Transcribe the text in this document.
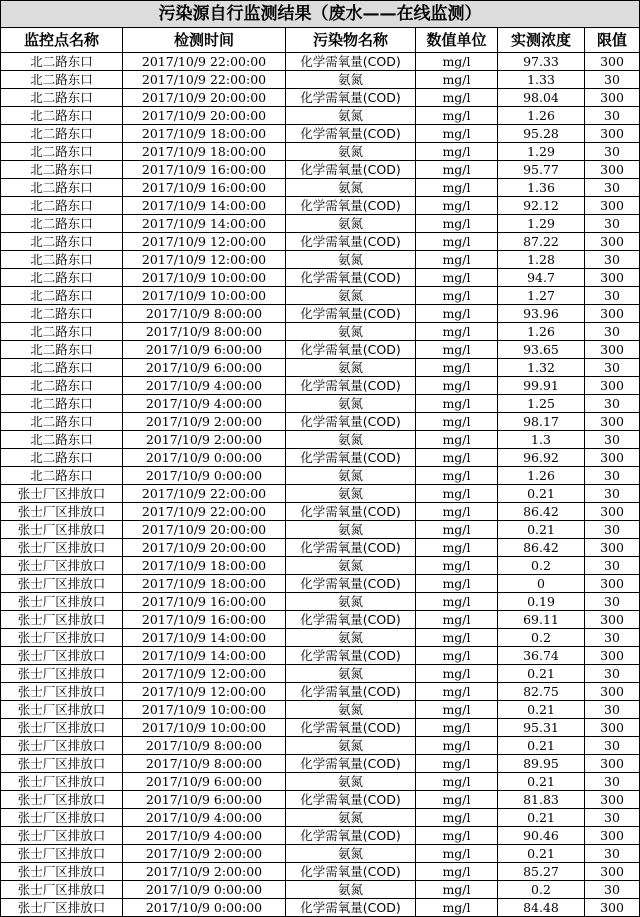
污染源自行监测结果（废水——在线监测）					
监控点名称	检测时间	污染物名称	数值单位	实测浓度	限值
北二路东口	2017/10/9 22:00:00	化学需氧量(COD)	mg/l	97.33	300
北二路东口	2017/10/9 22:00:00	氨氮	mg/l	1.33	30
北二路东口	2017/10/9 20:00:00	化学需氧量(COD)	mg/l	98.04	300
北二路东口	2017/10/9 20:00:00	氨氮	mg/l	1.26	30
北二路东口	2017/10/9 18:00:00	化学需氧量(COD)	mg/l	95.28	300
北二路东口	2017/10/9 18:00:00	氨氮	mg/l	1.29	30
北二路东口	2017/10/9 16:00:00	化学需氧量(COD)	mg/l	95.77	300
北二路东口	2017/10/9 16:00:00	氨氮	mg/l	1.36	30
北二路东口	2017/10/9 14:00:00	化学需氧量(COD)	mg/l	92.12	300
北二路东口	2017/10/9 14:00:00	氨氮	mg/l	1.29	30
北二路东口	2017/10/9 12:00:00	化学需氧量(COD)	mg/l	87.22	300
北二路东口	2017/10/9 12:00:00	氨氮	mg/l	1.28	30
北二路东口	2017/10/9 10:00:00	化学需氧量(COD)	mg/l	94.7	300
北二路东口	2017/10/9 10:00:00	氨氮	mg/l	1.27	30
北二路东口	2017/10/9 8:00:00	化学需氧量(COD)	mg/l	93.96	300
北二路东口	2017/10/9 8:00:00	氨氮	mg/l	1.26	30
北二路东口	2017/10/9 6:00:00	化学需氧量(COD)	mg/l	93.65	300
北二路东口	2017/10/9 6:00:00	氨氮	mg/l	1.32	30
北二路东口	2017/10/9 4:00:00	化学需氧量(COD)	mg/l	99.91	300
北二路东口	2017/10/9 4:00:00	氨氮	mg/l	1.25	30
北二路东口	2017/10/9 2:00:00	化学需氧量(COD)	mg/l	98.17	300
北二路东口	2017/10/9 2:00:00	氨氮	mg/l	1.3	30
北二路东口	2017/10/9 0:00:00	化学需氧量(COD)	mg/l	96.92	300
北二路东口	2017/10/9 0:00:00	氨氮	mg/l	1.26	30
张士厂区排放口	2017/10/9 22:00:00	氨氮	mg/l	0.21	30
张士厂区排放口	2017/10/9 22:00:00	化学需氧量(COD)	mg/l	86.42	300
张士厂区排放口	2017/10/9 20:00:00	氨氮	mg/l	0.21	30
张士厂区排放口	2017/10/9 20:00:00	化学需氧量(COD)	mg/l	86.42	300
张士厂区排放口	2017/10/9 18:00:00	氨氮	mg/l	0.2	30
张士厂区排放口	2017/10/9 18:00:00	化学需氧量(COD)	mg/l	0	300
张士厂区排放口	2017/10/9 16:00:00	氨氮	mg/l	0.19	30
张士厂区排放口	2017/10/9 16:00:00	化学需氧量(COD)	mg/l	69.11	300
张士厂区排放口	2017/10/9 14:00:00	氨氮	mg/l	0.2	30
张士厂区排放口	2017/10/9 14:00:00	化学需氧量(COD)	mg/l	36.74	300
张士厂区排放口	2017/10/9 12:00:00	氨氮	mg/l	0.21	30
张士厂区排放口	2017/10/9 12:00:00	化学需氧量(COD)	mg/l	82.75	300
张士厂区排放口	2017/10/9 10:00:00	氨氮	mg/l	0.21	30
张士厂区排放口	2017/10/9 10:00:00	化学需氧量(COD)	mg/l	95.31	300
张士厂区排放口	2017/10/9 8:00:00	氨氮	mg/l	0.21	30
张士厂区排放口	2017/10/9 8:00:00	化学需氧量(COD)	mg/l	89.95	300
张士厂区排放口	2017/10/9 6:00:00	氨氮	mg/l	0.21	30
张士厂区排放口	2017/10/9 6:00:00	化学需氧量(COD)	mg/l	81.83	300
张士厂区排放口	2017/10/9 4:00:00	氨氮	mg/l	0.21	30
张士厂区排放口	2017/10/9 4:00:00	化学需氧量(COD)	mg/l	90.46	300
张士厂区排放口	2017/10/9 2:00:00	氨氮	mg/l	0.21	30
张士厂区排放口	2017/10/9 2:00:00	化学需氧量(COD)	mg/l	85.27	300
张士厂区排放口	2017/10/9 0:00:00	氨氮	mg/l	0.2	30
张士厂区排放口	2017/10/9 0:00:00	化学需氧量(COD)	mg/l	84.48	300
